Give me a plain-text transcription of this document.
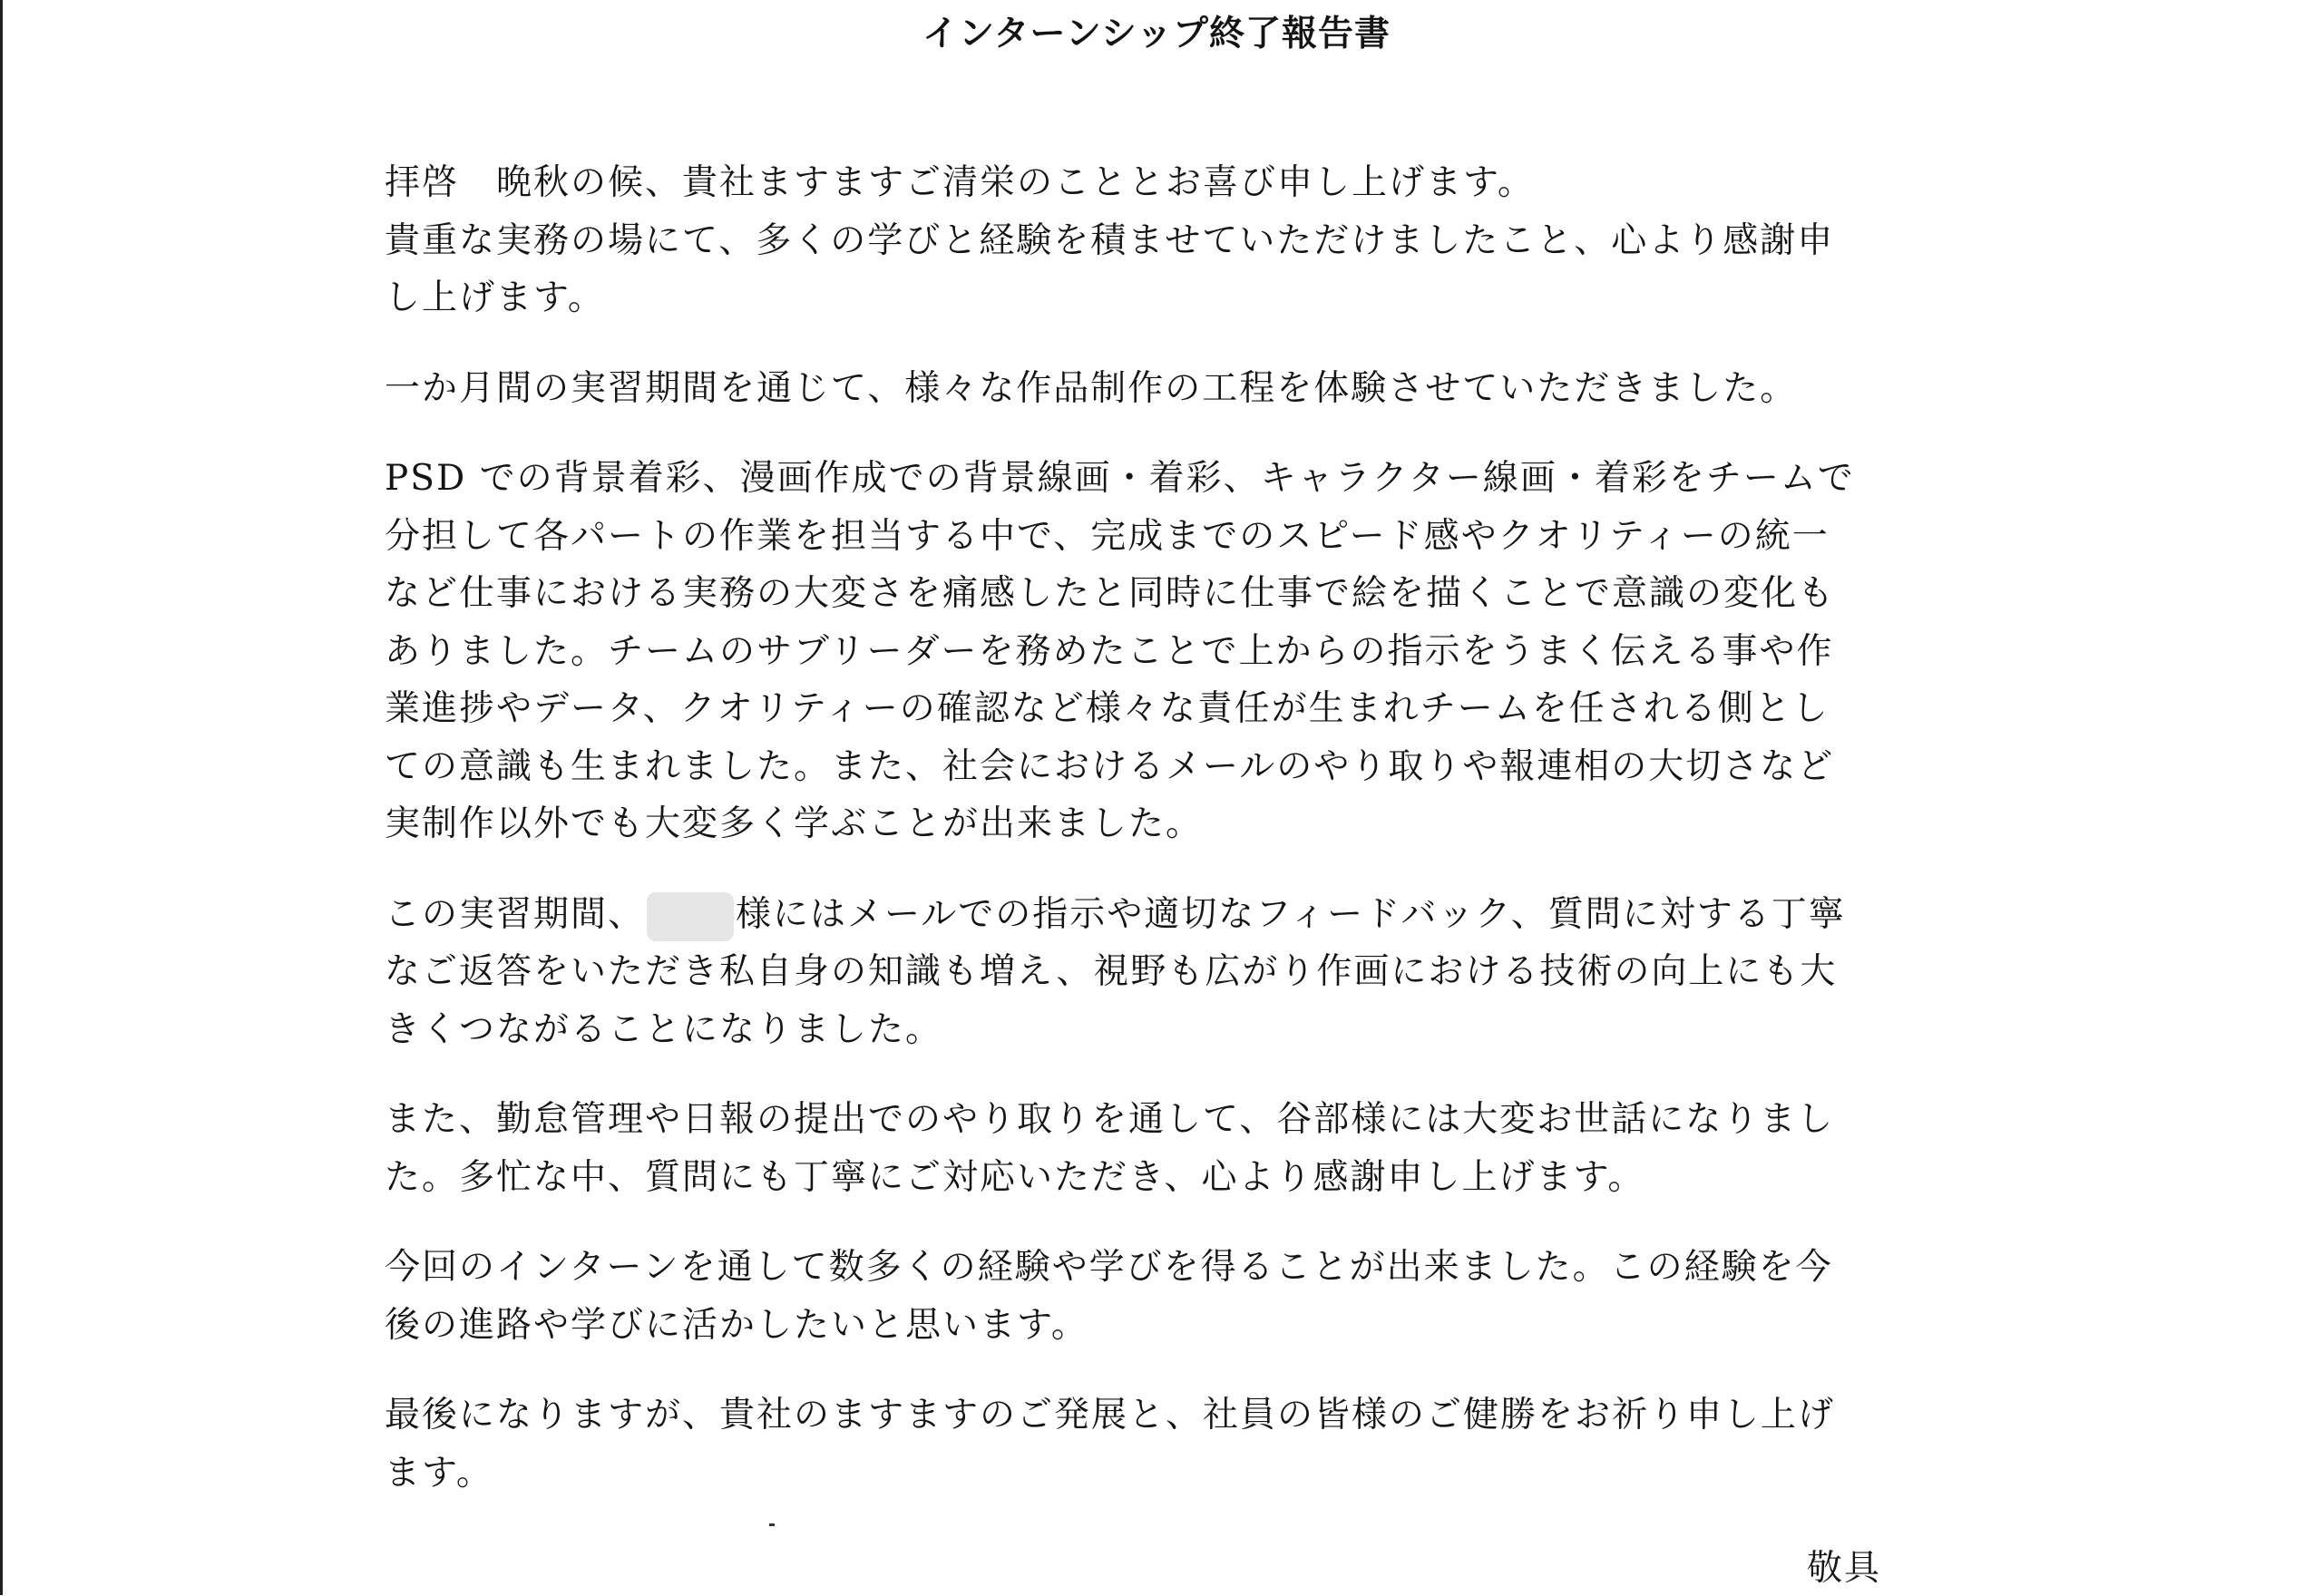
インターンシップ終了報告書

拝啓　晩秋の候、貴社ますますご清栄のこととお喜び申し上げます。
貴重な実務の場にて、多くの学びと経験を積ませていただけましたこと、心より感謝申
し上げます。

一か月間の実習期間を通じて、様々な作品制作の工程を体験させていただきました。

PSD での背景着彩、漫画作成での背景線画・着彩、キャラクター線画・着彩をチームで
分担して各パートの作業を担当する中で、完成までのスピード感やクオリティーの統一
など仕事における実務の大変さを痛感したと同時に仕事で絵を描くことで意識の変化も
ありました。チームのサブリーダーを務めたことで上からの指示をうまく伝える事や作
業進捗やデータ、クオリティーの確認など様々な責任が生まれチームを任される側とし
ての意識も生まれました。また、社会におけるメールのやり取りや報連相の大切さなど
実制作以外でも大変多く学ぶことが出来ました。

この実習期間、	様にはメールでの指示や適切なフィードバック、質問に対する丁寧
なご返答をいただき私自身の知識も増え、視野も広がり作画における技術の向上にも大
きくつながることになりました。

また、勤怠管理や日報の提出でのやり取りを通して、谷部様には大変お世話になりまし
た。多忙な中、質問にも丁寧にご対応いただき、心より感謝申し上げます。

今回のインターンを通して数多くの経験や学びを得ることが出来ました。この経験を今
後の進路や学びに活かしたいと思います。

最後になりますが、貴社のますますのご発展と、社員の皆様のご健勝をお祈り申し上げ
ます。

敬具
